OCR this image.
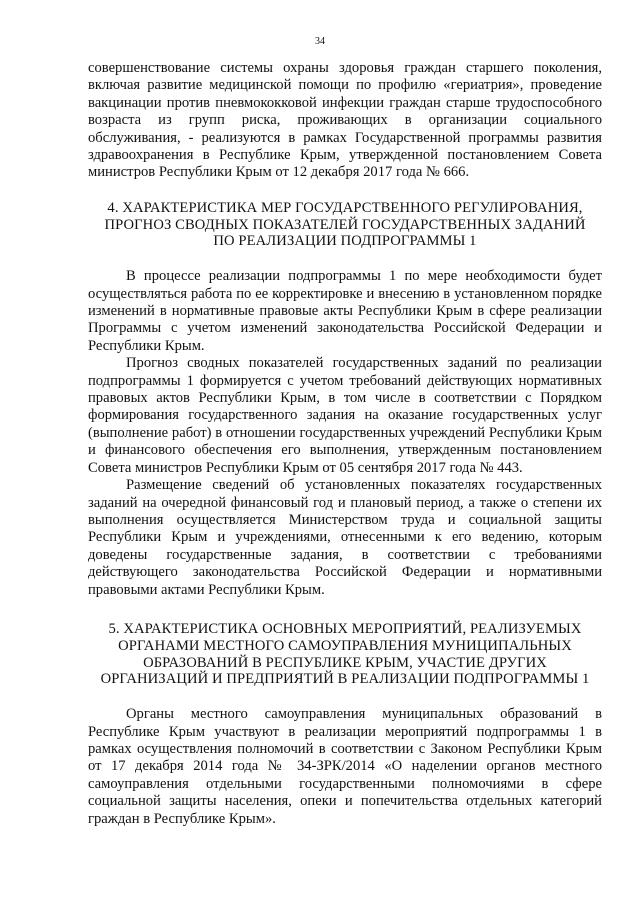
34

совершенствование системы охраны здоровья граждан старшего поколения, включая развитие медицинской помощи по профилю «гериатрия», проведение вакцинации против пневмококковой инфекции граждан старше трудоспособного возраста из групп риска, проживающих в организации социального обслуживания, - реализуются в рамках Государственной программы развития здравоохранения в Республике Крым, утвержденной постановлением Совета министров Республики Крым от 12 декабря 2017 года № 666.

4. ХАРАКТЕРИСТИКА МЕР ГОСУДАРСТВЕННОГО РЕГУЛИРОВАНИЯ,
ПРОГНОЗ СВОДНЫХ ПОКАЗАТЕЛЕЙ ГОСУДАРСТВЕННЫХ ЗАДАНИЙ
ПО РЕАЛИЗАЦИИ ПОДПРОГРАММЫ 1

В процессе реализации подпрограммы 1 по мере необходимости будет осуществляться работа по ее корректировке и внесению в установленном порядке изменений в нормативные правовые акты Республики Крым в сфере реализации Программы с учетом изменений законодательства Российской Федерации и Республики Крым.

Прогноз сводных показателей государственных заданий по реализации подпрограммы 1 формируется с учетом требований действующих нормативных правовых актов Республики Крым, в том числе в соответствии с Порядком формирования государственного задания на оказание государственных услуг (выполнение работ) в отношении государственных учреждений Республики Крым и финансового обеспечения его выполнения, утвержденным постановлением Совета министров Республики Крым от 05 сентября 2017 года № 443.

Размещение сведений об установленных показателях государственных заданий на очередной финансовый год и плановый период, а также о степени их выполнения осуществляется Министерством труда и социальной защиты Республики Крым и учреждениями, отнесенными к его ведению, которым доведены государственные задания, в соответствии с требованиями действующего законодательства Российской Федерации и нормативными правовыми актами Республики Крым.

5. ХАРАКТЕРИСТИКА ОСНОВНЫХ МЕРОПРИЯТИЙ, РЕАЛИЗУЕМЫХ
ОРГАНАМИ МЕСТНОГО САМОУПРАВЛЕНИЯ МУНИЦИПАЛЬНЫХ
ОБРАЗОВАНИЙ В РЕСПУБЛИКЕ КРЫМ, УЧАСТИЕ ДРУГИХ
ОРГАНИЗАЦИЙ И ПРЕДПРИЯТИЙ В РЕАЛИЗАЦИИ ПОДПРОГРАММЫ 1

Органы местного самоуправления муниципальных образований в Республике Крым участвуют в реализации мероприятий подпрограммы 1 в рамках осуществления полномочий в соответствии с Законом Республики Крым от 17 декабря 2014 года № 34-ЗРК/2014 «О наделении органов местного самоуправления отдельными государственными полномочиями в сфере социальной защиты населения, опеки и попечительства отдельных категорий граждан в Республике Крым».
